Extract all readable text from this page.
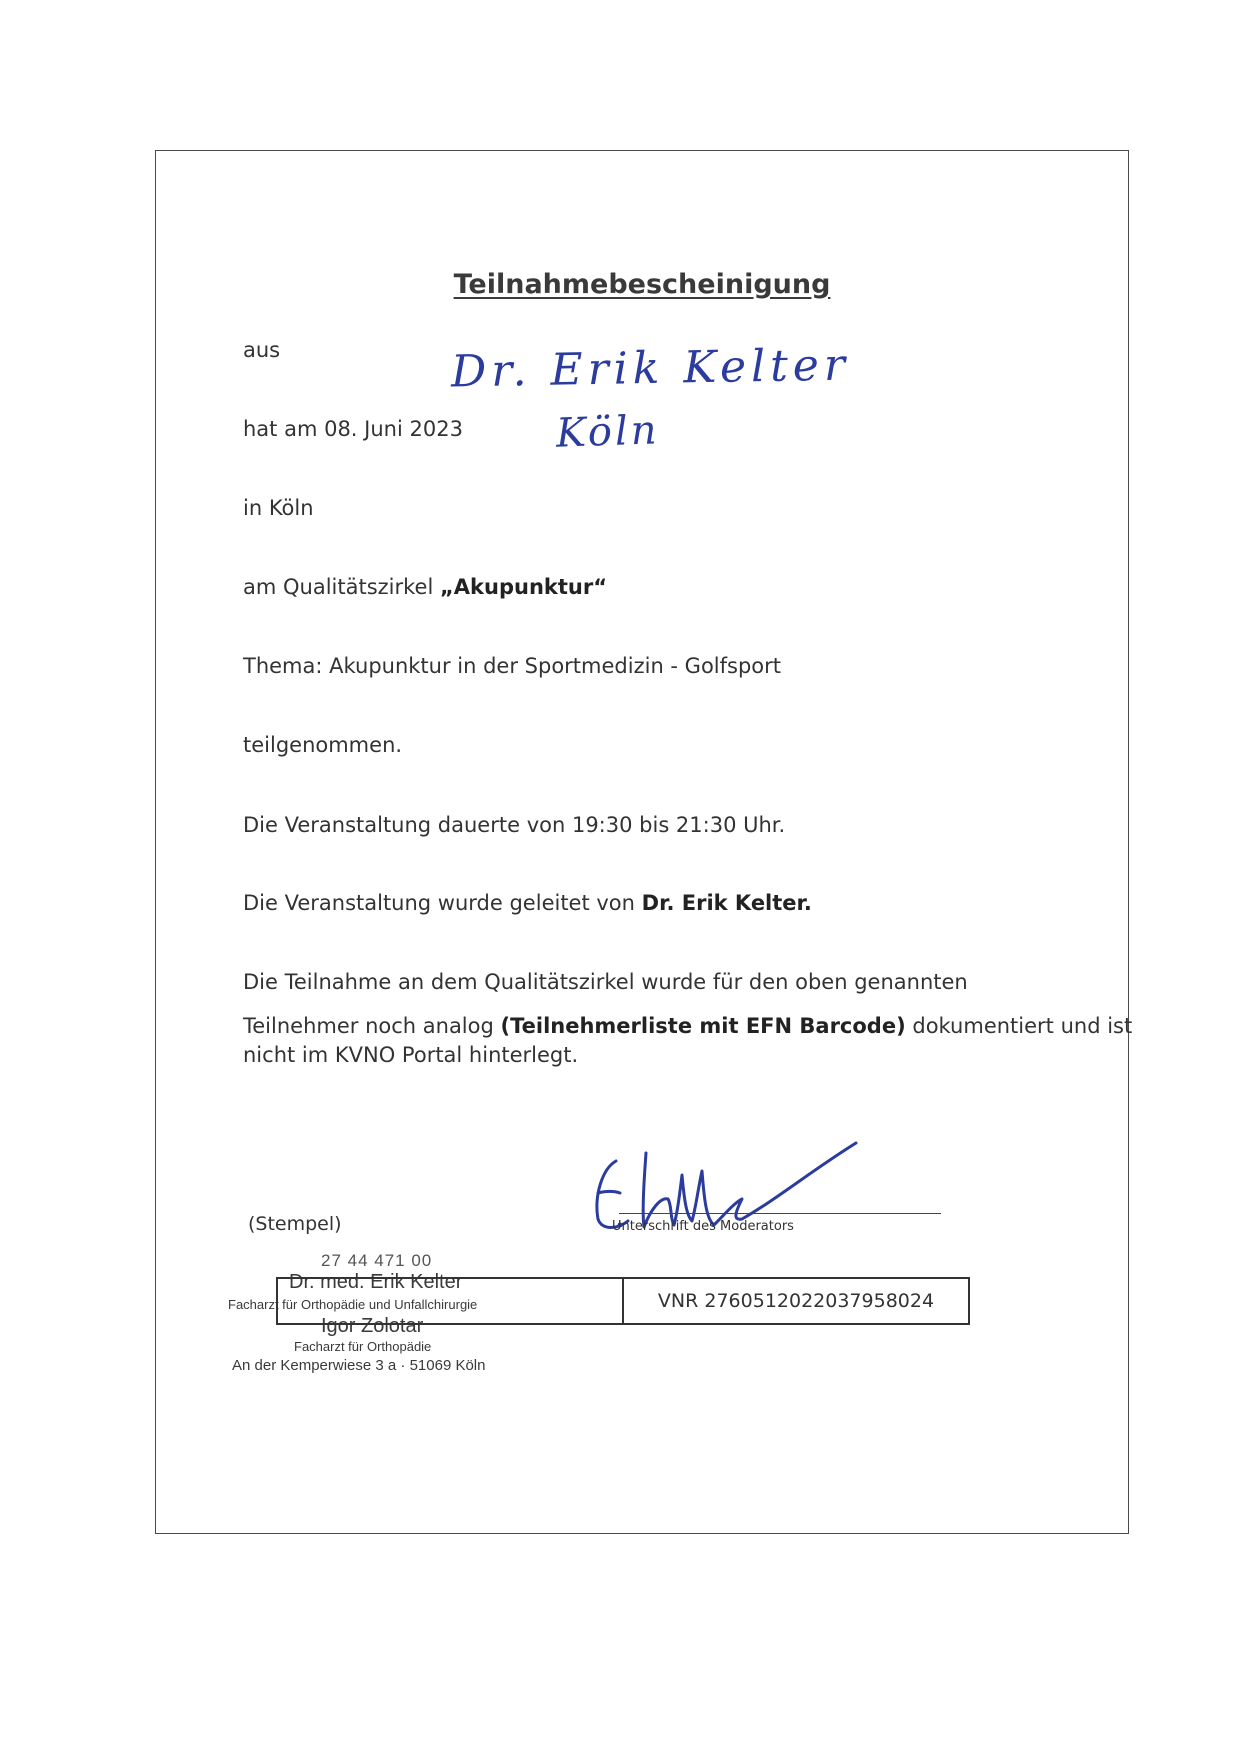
Teilnahmebescheinigung
Dr. Erik Kelter
Köln
aus
hat am 08. Juni 2023
in Köln
am Qualitätszirkel „Akupunktur“
Thema: Akupunktur in der Sportmedizin - Golfsport
teilgenommen.
Die Veranstaltung dauerte von 19:30 bis 21:30 Uhr.
Die Veranstaltung wurde geleitet von Dr. Erik Kelter.
Die Teilnahme an dem Qualitätszirkel wurde für den oben genannten
Teilnehmer noch analog (Teilnehmerliste mit EFN Barcode) dokumentiert und ist
nicht im KVNO Portal hinterlegt.
27 44 471 00
Dr. med. Erik Kelter
Facharzt für Orthopädie und Unfallchirurgie
Igor Zolotar
Facharzt für Orthopädie
An der Kemperwiese 3 a · 51069 Köln
(Stempel)	Unterschrift des Moderators
VNR 2760512022037958024
